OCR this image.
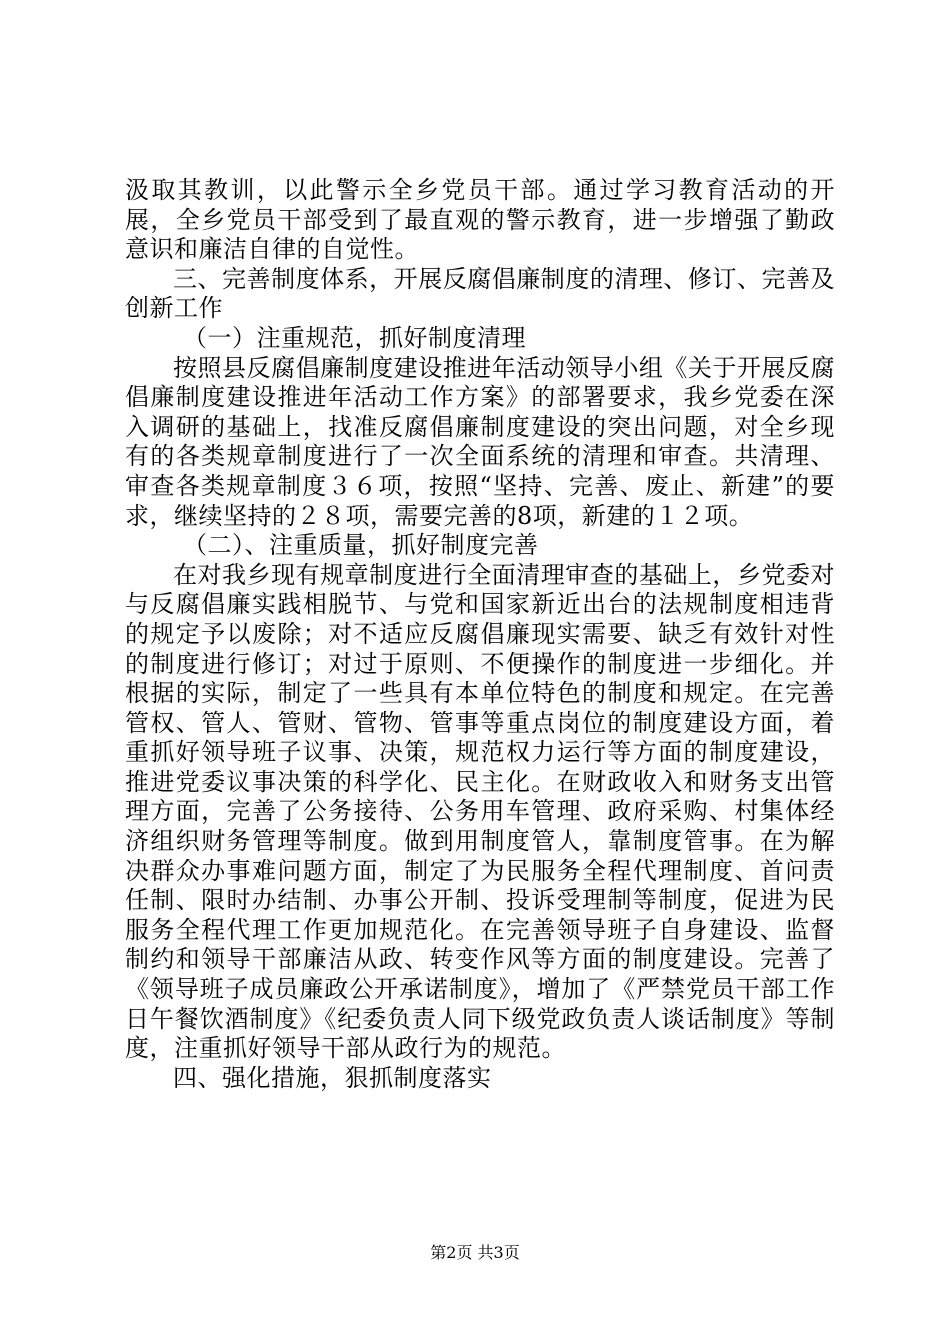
汲取其教训，以此警示全乡党员干部。通过学习教育活动的开展，全乡党员干部受到了最直观的警示教育，进一步增强了勤政意识和廉洁自律的自觉性。

三、完善制度体系，开展反腐倡廉制度的清理、修订、完善及创新工作

（一）注重规范，抓好制度清理

按照县反腐倡廉制度建设推进年活动领导小组《关于开展反腐倡廉制度建设推进年活动工作方案》的部署要求，我乡党委在深入调研的基础上，找准反腐倡廉制度建设的突出问题，对全乡现有的各类规章制度进行了一次全面系统的清理和审查。共清理、审查各类规章制度３６项，按照“坚持、完善、废止、新建”的要求，继续坚持的２８项，需要完善的8项，新建的１２项。

（二）、注重质量，抓好制度完善

在对我乡现有规章制度进行全面清理审查的基础上，乡党委对与反腐倡廉实践相脱节、与党和国家新近出台的法规制度相违背的规定予以废除；对不适应反腐倡廉现实需要、缺乏有效针对性的制度进行修订；对过于原则、不便操作的制度进一步细化。并根据的实际，制定了一些具有本单位特色的制度和规定。在完善管权、管人、管财、管物、管事等重点岗位的制度建设方面，着重抓好领导班子议事、决策，规范权力运行等方面的制度建设，推进党委议事决策的科学化、民主化。在财政收入和财务支出管理方面，完善了公务接待、公务用车管理、政府采购、村集体经济组织财务管理等制度。做到用制度管人，靠制度管事。在为解决群众办事难问题方面，制定了为民服务全程代理制度、首问责任制、限时办结制、办事公开制、投诉受理制等制度，促进为民服务全程代理工作更加规范化。在完善领导班子自身建设、监督制约和领导干部廉洁从政、转变作风等方面的制度建设。完善了《领导班子成员廉政公开承诺制度》，增加了《严禁党员干部工作日午餐饮酒制度》《纪委负责人同下级党政负责人谈话制度》等制度，注重抓好领导干部从政行为的规范。

四、强化措施，狠抓制度落实

第2页 共3页
